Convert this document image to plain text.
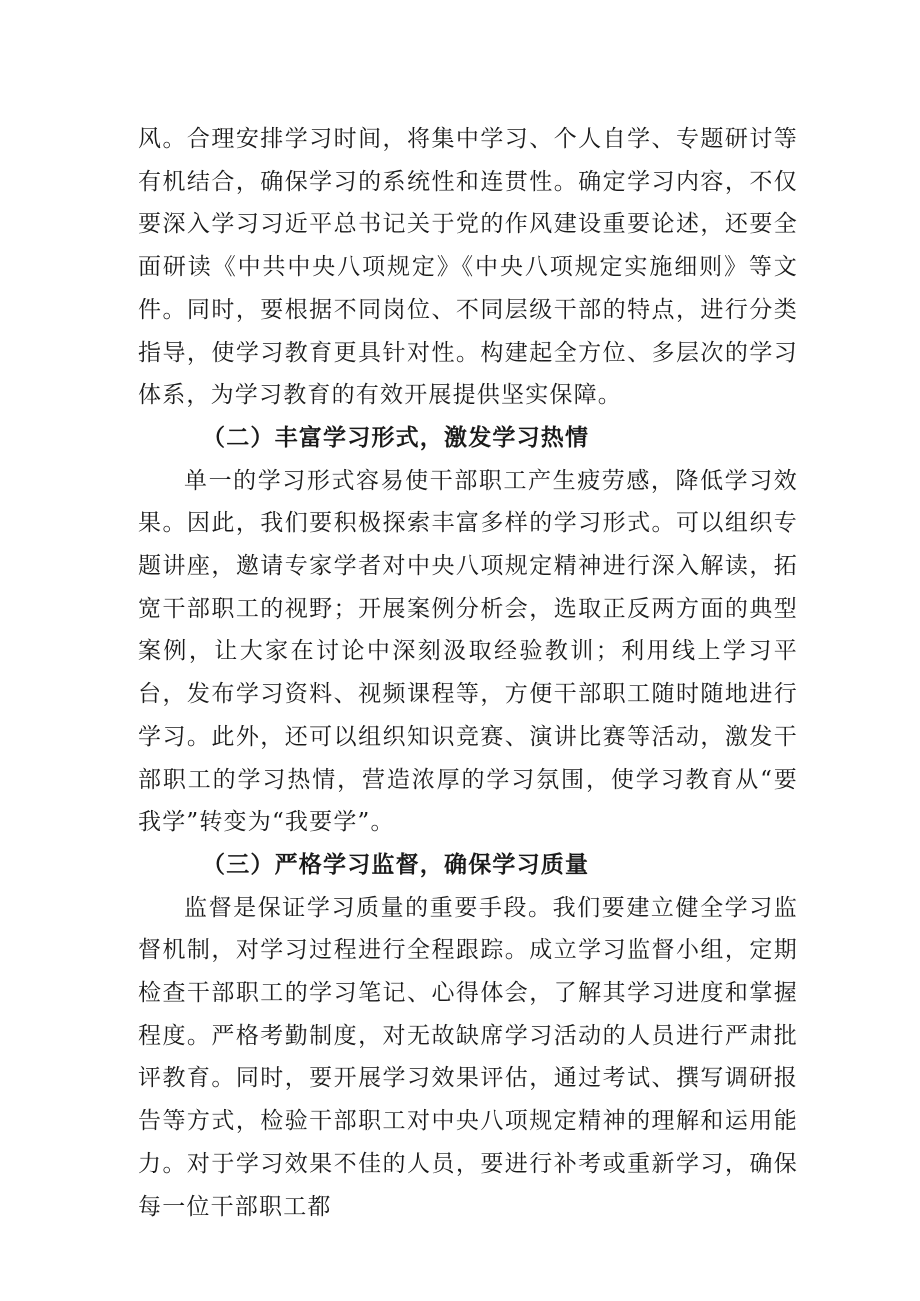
风。合理安排学习时间，将集中学习、个人自学、专题研讨等有机结合，确保学习的系统性和连贯性。确定学习内容，不仅要深入学习习近平总书记关于党的作风建设重要论述，还要全面研读《中共中央八项规定》《中央八项规定实施细则》等文件。同时，要根据不同岗位、不同层级干部的特点，进行分类指导，使学习教育更具针对性。构建起全方位、多层次的学习体系，为学习教育的有效开展提供坚实保障。

（二）丰富学习形式，激发学习热情

单一的学习形式容易使干部职工产生疲劳感，降低学习效果。因此，我们要积极探索丰富多样的学习形式。可以组织专题讲座，邀请专家学者对中央八项规定精神进行深入解读，拓宽干部职工的视野；开展案例分析会，选取正反两方面的典型案例，让大家在讨论中深刻汲取经验教训；利用线上学习平台，发布学习资料、视频课程等，方便干部职工随时随地进行学习。此外，还可以组织知识竞赛、演讲比赛等活动，激发干部职工的学习热情，营造浓厚的学习氛围，使学习教育从“要我学”转变为“我要学”。

（三）严格学习监督，确保学习质量

监督是保证学习质量的重要手段。我们要建立健全学习监督机制，对学习过程进行全程跟踪。成立学习监督小组，定期检查干部职工的学习笔记、心得体会，了解其学习进度和掌握程度。严格考勤制度，对无故缺席学习活动的人员进行严肃批评教育。同时，要开展学习效果评估，通过考试、撰写调研报告等方式，检验干部职工对中央八项规定精神的理解和运用能力。对于学习效果不佳的人员，要进行补考或重新学习，确保每一位干部职工都
